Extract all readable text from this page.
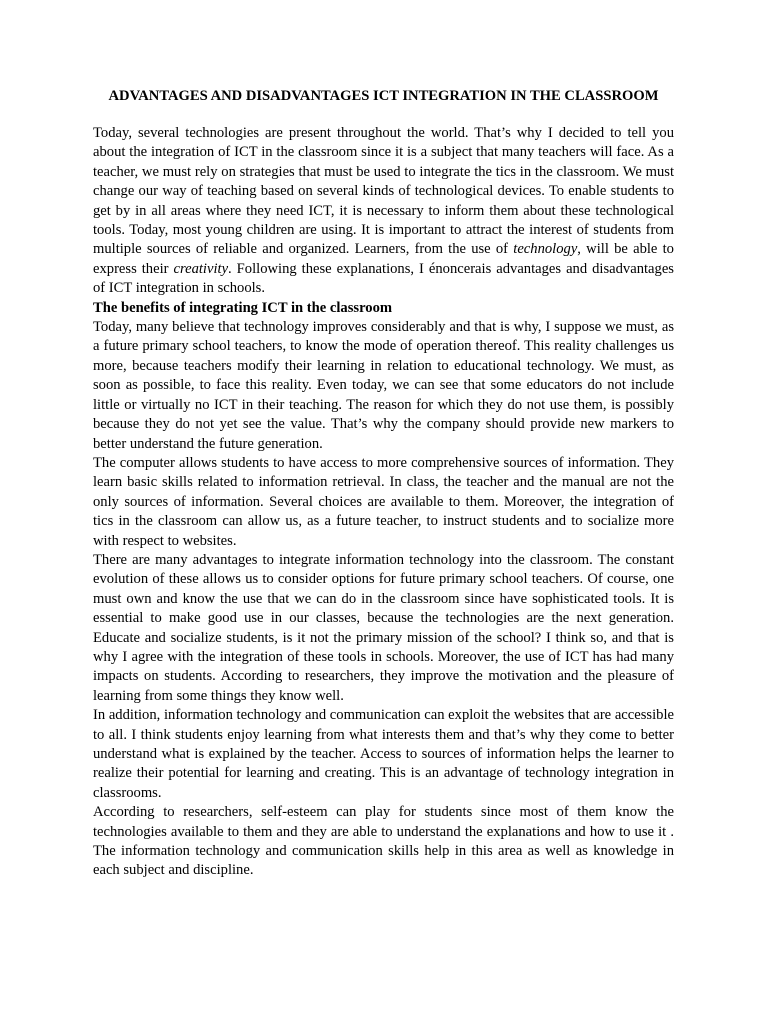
ADVANTAGES AND DISADVANTAGES ICT INTEGRATION IN THE CLASSROOM

Today, several technologies are present throughout the world. That’s why I decided to tell you about the integration of ICT in the classroom since it is a subject that many teachers will face. As a teacher, we must rely on strategies that must be used to integrate the tics in the classroom. We must change our way of teaching based on several kinds of technological devices. To enable students to get by in all areas where they need ICT, it is necessary to inform them about these technological tools. Today, most young children are using. It is important to attract the interest of students from multiple sources of reliable and organized. Learners, from the use of technology, will be able to express their creativity. Following these explanations, I énoncerais advantages and disadvantages of ICT integration in schools.

The benefits of integrating ICT in the classroom

Today, many believe that technology improves considerably and that is why, I suppose we must, as a future primary school teachers, to know the mode of operation thereof. This reality challenges us more, because teachers modify their learning in relation to educational technology. We must, as soon as possible, to face this reality. Even today, we can see that some educators do not include little or virtually no ICT in their teaching. The reason for which they do not use them, is possibly because they do not yet see the value. That’s why the company should provide new markers to better understand the future generation.

The computer allows students to have access to more comprehensive sources of information. They learn basic skills related to information retrieval. In class, the teacher and the manual are not the only sources of information. Several choices are available to them. Moreover, the integration of tics in the classroom can allow us, as a future teacher, to instruct students and to socialize more with respect to websites.

There are many advantages to integrate information technology into the classroom. The constant evolution of these allows us to consider options for future primary school teachers. Of course, one must own and know the use that we can do in the classroom since have sophisticated tools. It is essential to make good use in our classes, because the technologies are the next generation. Educate and socialize students, is it not the primary mission of the school? I think so, and that is why I agree with the integration of these tools in schools. Moreover, the use of ICT has had many impacts on students. According to researchers, they improve the motivation and the pleasure of learning from some things they know well.

In addition, information technology and communication can exploit the websites that are accessible to all. I think students enjoy learning from what interests them and that’s why they come to better understand what is explained by the teacher. Access to sources of information helps the learner to realize their potential for learning and creating. This is an advantage of technology integration in classrooms.

According to researchers, self-esteem can play for students since most of them know the technologies available to them and they are able to understand the explanations and how to use it . The information technology and communication skills help in this area as well as knowledge in each subject and discipline.
